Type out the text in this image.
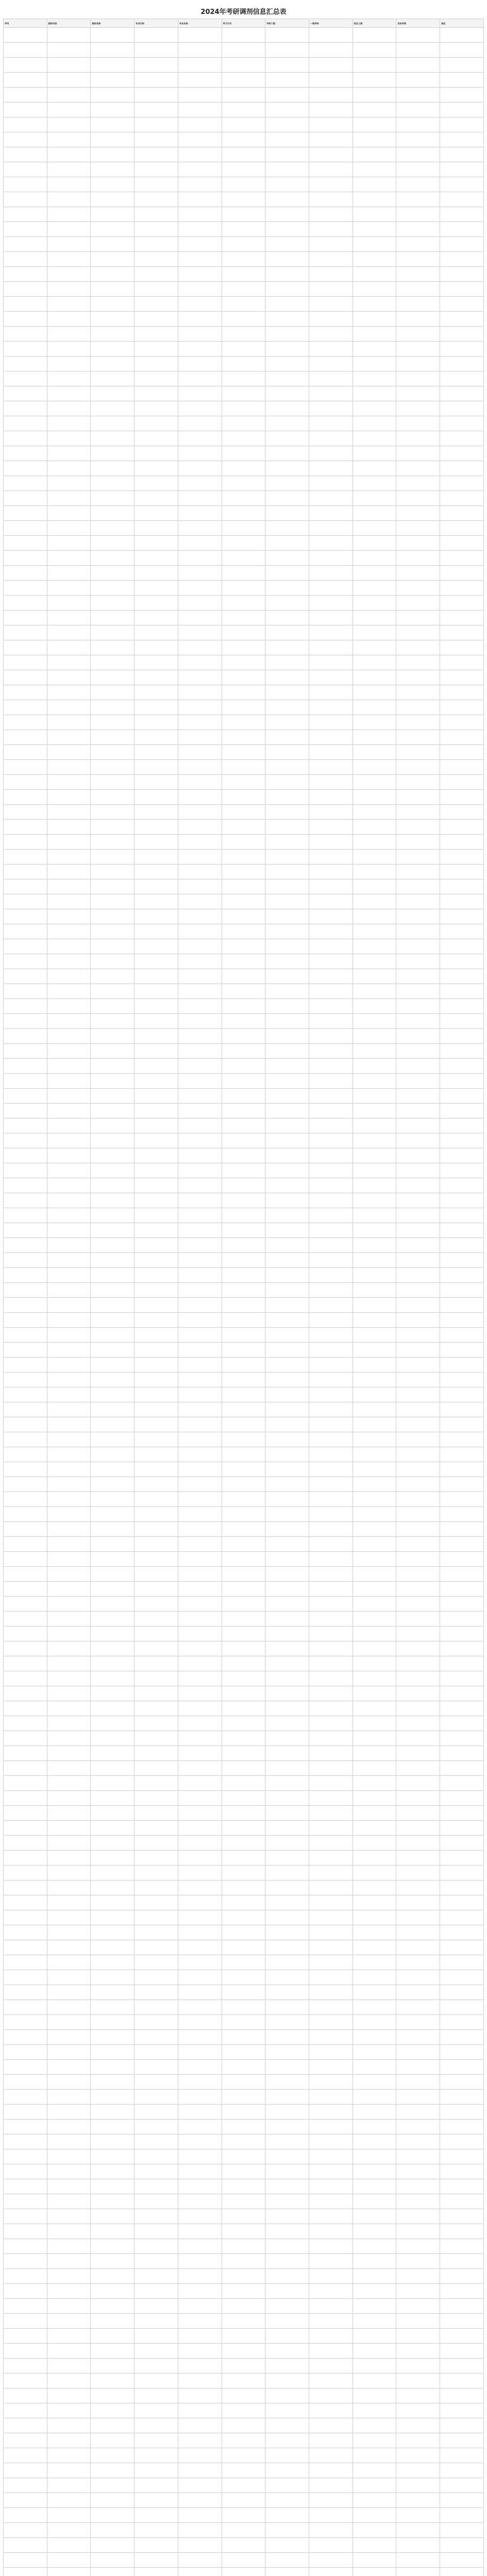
2024年考研调剂信息汇总表
序号	院校代码	院校名称	专业代码	专业名称	学习方式	学科门类	一级学科	招生人数	发布时间	备注
